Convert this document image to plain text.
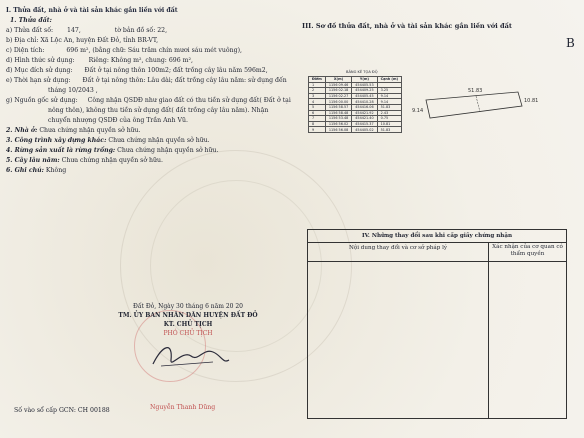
I. Thửa đất, nhà ở và tài sản khác gắn liền với đất
1. Thửa đất:
a) Thửa đất số: 147,	tờ bản đồ số: 22,
b) Địa chỉ: Xã Lộc An, huyện Đất Đỏ, tỉnh BR-VT,
c) Diện tích:	696 m², (bằng chữ: Sáu trăm chín mươi sáu mét vuông),
d) Hình thức sử dụng: Riêng: Không m², chung: 696 m²,
đ) Mục đích sử dụng: Đất ở tại nông thôn 100m2; đất trồng cây lâu năm 596m2,
e) Thời hạn sử dụng: Đất ở tại nông thôn: Lâu dài; đất trồng cây lâu năm: sử dụng đến
tháng 10/2043 ,
g) Nguồn gốc sử dụng: Công nhận QSDĐ như giao đất có thu tiền sử dụng đất( Đất ở tại
nông thôn), không thu tiền sử dụng đất( đất trồng cây lâu năm). Nhận
chuyển nhượng QSDĐ của ông Trần Anh Vũ.
2. Nhà ở: Chưa chứng nhận quyền sở hữu.
3. Công trình xây dựng khác: Chưa chứng nhận quyền sở hữu.
4. Rừng sản xuất là rừng trồng: Chưa chứng nhận quyền sở hữu.
5. Cây lâu năm: Chưa chứng nhận quyền sở hữu.
6. Ghi chú: Không
III. Sơ đồ thửa đất, nhà ở và tài sản khác gắn liền với đất
B
BẢNG KÊ TỌA ĐỘ
Điểm	X(m)	Y(m)	Cạnh (m)
1	1156 09.46	454405.53	
2	1156 02.18	454409.25	3.25
3	1156 02.27	454405.45	9.14
4	1156 00.00	454410.28	9.14
5	1156 58.57	454416.06	51.83
6	1156 58.48	454421.92	2.43
7	1156 53.48	454421.40	0.75
8	1156 56.02	454415.37	10.81
9	1156 56.08	454405.02	51.83
51.83
10.81
9.14
IV. Những thay đổi sau khi cấp giấy chứng nhận
Nội dung thay đổi và cơ sở pháp lý	Xác nhận của cơ quan có thẩm quyền
Đất Đỏ, Ngày 30 tháng 6 năm 20 20
TM. ỦY BAN NHÂN DÂN HUYỆN ĐẤT ĐỎ
KT. CHỦ TỊCH
PHÓ CHỦ TỊCH
Nguyễn Thanh Dũng
Số vào sổ cấp GCN: CH 00188
